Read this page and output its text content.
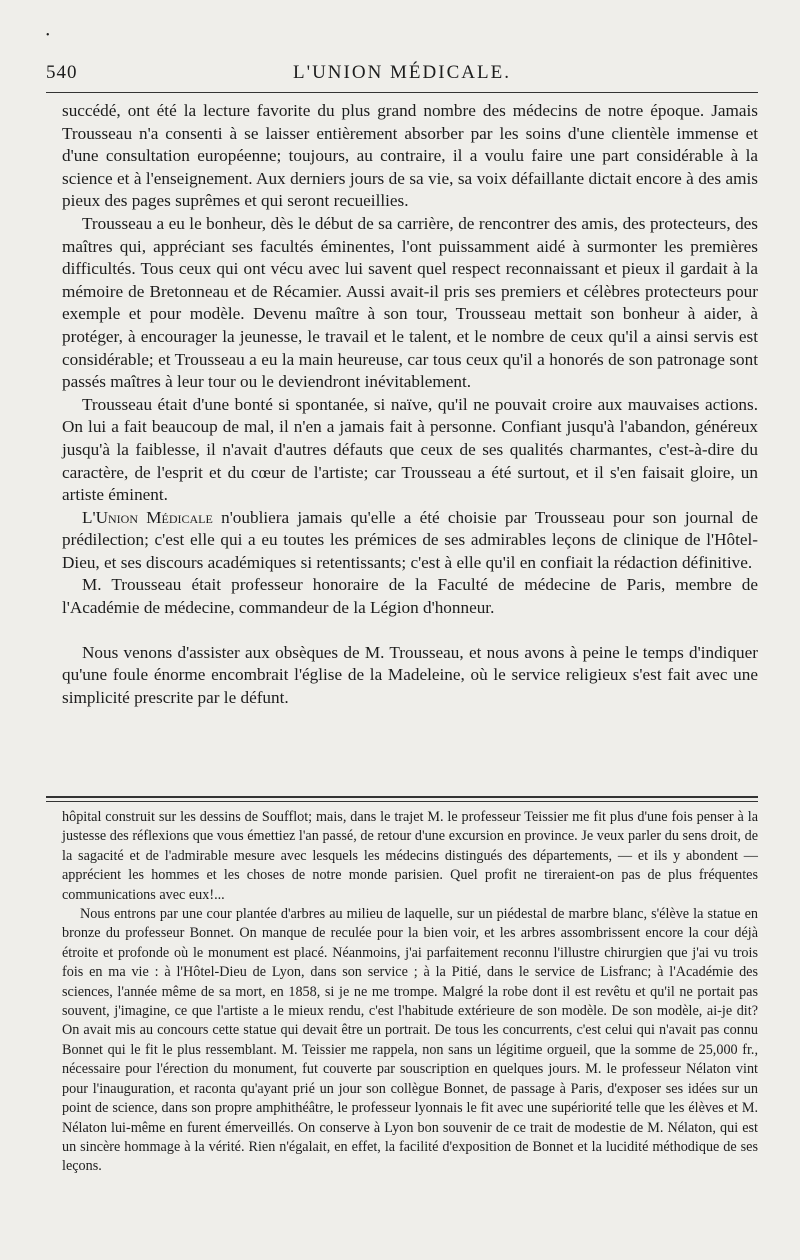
•
540	L'UNION MÉDICALE.

succédé, ont été la lecture favorite du plus grand nombre des médecins de notre époque. Jamais Trousseau n'a consenti à se laisser entièrement absorber par les soins d'une clientèle immense et d'une consultation européenne; toujours, au contraire, il a voulu faire une part considérable à la science et à l'enseignement. Aux derniers jours de sa vie, sa voix défaillante dictait encore à des amis pieux des pages suprêmes et qui seront recueillies.

Trousseau a eu le bonheur, dès le début de sa carrière, de rencontrer des amis, des protecteurs, des maîtres qui, appréciant ses facultés éminentes, l'ont puissamment aidé à surmonter les premières difficultés. Tous ceux qui ont vécu avec lui savent quel respect reconnaissant et pieux il gardait à la mémoire de Bretonneau et de Récamier. Aussi avait-il pris ses premiers et célèbres protecteurs pour exemple et pour modèle. Devenu maître à son tour, Trousseau mettait son bonheur à aider, à protéger, à encourager la jeunesse, le travail et le talent, et le nombre de ceux qu'il a ainsi servis est considérable; et Trousseau a eu la main heureuse, car tous ceux qu'il a honorés de son patronage sont passés maîtres à leur tour ou le deviendront inévitablement.

Trousseau était d'une bonté si spontanée, si naïve, qu'il ne pouvait croire aux mauvaises actions. On lui a fait beaucoup de mal, il n'en a jamais fait à personne. Confiant jusqu'à l'abandon, généreux jusqu'à la faiblesse, il n'avait d'autres défauts que ceux de ses qualités charmantes, c'est-à-dire du caractère, de l'esprit et du cœur de l'artiste; car Trousseau a été surtout, et il s'en faisait gloire, un artiste éminent.

L'Union Médicale n'oubliera jamais qu'elle a été choisie par Trousseau pour son journal de prédilection; c'est elle qui a eu toutes les prémices de ses admirables leçons de clinique de l'Hôtel-Dieu, et ses discours académiques si retentissants; c'est à elle qu'il en confiait la rédaction définitive.

M. Trousseau était professeur honoraire de la Faculté de médecine de Paris, membre de l'Académie de médecine, commandeur de la Légion d'honneur.

Nous venons d'assister aux obsèques de M. Trousseau, et nous avons à peine le temps d'indiquer qu'une foule énorme encombrait l'église de la Madeleine, où le service religieux s'est fait avec une simplicité prescrite par le défunt.

hôpital construit sur les dessins de Soufflot; mais, dans le trajet M. le professeur Teissier me fit plus d'une fois penser à la justesse des réflexions que vous émettiez l'an passé, de retour d'une excursion en province. Je veux parler du sens droit, de la sagacité et de l'admirable mesure avec lesquels les médecins distingués des départements, — et ils y abondent — apprécient les hommes et les choses de notre monde parisien. Quel profit ne tireraient-on pas de plus fréquentes communications avec eux!...

Nous entrons par une cour plantée d'arbres au milieu de laquelle, sur un piédestal de marbre blanc, s'élève la statue en bronze du professeur Bonnet. On manque de reculée pour la bien voir, et les arbres assombrissent encore la cour déjà étroite et profonde où le monument est placé. Néanmoins, j'ai parfaitement reconnu l'illustre chirurgien que j'ai vu trois fois en ma vie : à l'Hôtel-Dieu de Lyon, dans son service ; à la Pitié, dans le service de Lisfranc; à l'Académie des sciences, l'année même de sa mort, en 1858, si je ne me trompe. Malgré la robe dont il est revêtu et qu'il ne portait pas souvent, j'imagine, ce que l'artiste a le mieux rendu, c'est l'habitude extérieure de son modèle. De son modèle, ai-je dit? On avait mis au concours cette statue qui devait être un portrait. De tous les concurrents, c'est celui qui n'avait pas connu Bonnet qui le fit le plus ressemblant. M. Teissier me rappela, non sans un légitime orgueil, que la somme de 25,000 fr., nécessaire pour l'érection du monument, fut couverte par souscription en quelques jours. M. le professeur Nélaton vint pour l'inauguration, et raconta qu'ayant prié un jour son collègue Bonnet, de passage à Paris, d'exposer ses idées sur un point de science, dans son propre amphithéâtre, le professeur lyonnais le fit avec une supériorité telle que les élèves et M. Nélaton lui-même en furent émerveillés. On conserve à Lyon bon souvenir de ce trait de modestie de M. Nélaton, qui est un sincère hommage à la vérité. Rien n'égalait, en effet, la facilité d'exposition de Bonnet et la lucidité méthodique de ses leçons.
